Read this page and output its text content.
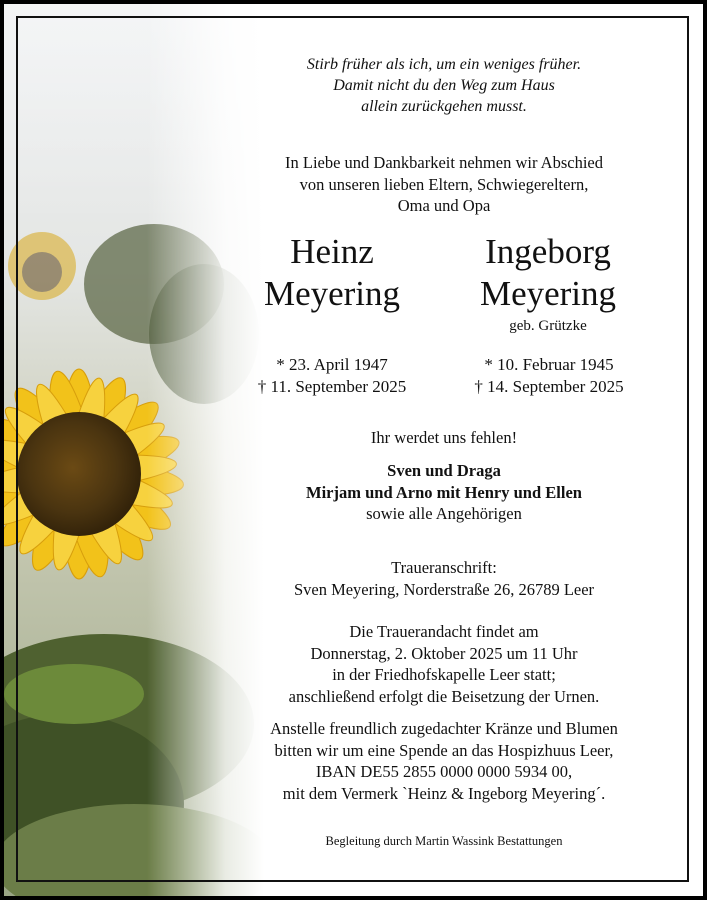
Stirb früher als ich, um ein weniges früher.
Damit nicht du den Weg zum Haus
allein zurückgehen musst.
In Liebe und Dankbarkeit nehmen wir Abschied
von unseren lieben Eltern, Schwiegereltern,
Oma und Opa
Heinz
Meyering
Ingeborg
Meyering
geb. Grützke
* 23. April 1947
† 11. September 2025
* 10. Februar 1945
† 14. September 2025
Ihr werdet uns fehlen!
Sven und Draga
Mirjam und Arno mit Henry und Ellen
sowie alle Angehörigen
Traueranschrift:
Sven Meyering, Norderstraße 26, 26789 Leer
Die Trauerandacht findet am
Donnerstag, 2. Oktober 2025 um 11 Uhr
in der Friedhofskapelle Leer statt;
anschließend erfolgt die Beisetzung der Urnen.
Anstelle freundlich zugedachter Kränze und Blumen
bitten wir um eine Spende an das Hospizhuus Leer,
IBAN DE55 2855 0000 0000 5934 00,
mit dem Vermerk `Heinz & Ingeborg Meyering´.
Begleitung durch Martin Wassink Bestattungen
